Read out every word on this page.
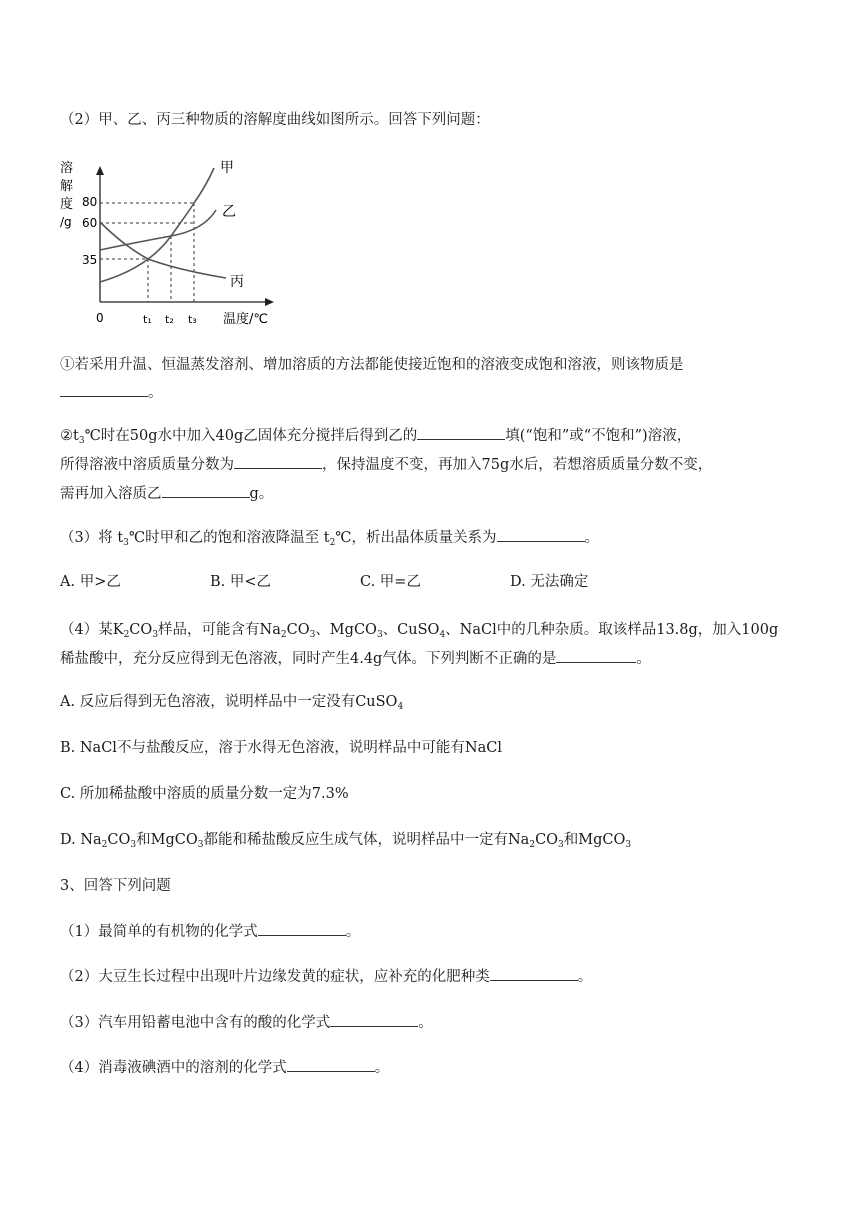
（2）甲、乙、丙三种物质的溶解度曲线如图所示。回答下列问题：
溶
解
度
/g
80
60
35
0	t₁ t₂ t₃ 温度/℃
甲
乙
丙
①若采用升温、恒温蒸发溶剂、增加溶质的方法都能使接近饱和的溶液变成饱和溶液，则该物质是
。
$②t_3℃$时在50g水中加入40g乙固体充分搅拌后得到乙的	填(“饱和”或“不饱和”)溶液，
所得溶液中溶质质量分数为	，保持温度不变，再加入75g水后，若想溶质质量分数不变，
需再加入溶质乙	g。
（3）将 $t_3℃$时甲和乙的饱和溶液降温至 $t_2℃$，析出晶体质量关系为	。
A. 甲>乙	B. 甲<乙	C. 甲=乙	D. 无法确定
（4）某$K_2CO_3$样品，可能含有$Na_2CO_3$、MgCO$_3$、CuSO$_4$、NaCl中的几种杂质。取该样品13.8g，加入100g
稀盐酸中，充分反应得到无色溶液，同时产生4.4g气体。下列判断不正确的是	。
A. 反应后得到无色溶液，说明样品中一定没有CuSO$_4$
B. NaCl不与盐酸反应，溶于水得无色溶液，说明样品中可能有NaCl
C. 所加稀盐酸中溶质的质量分数一定为7.3%
D. $Na_2CO_3$和MgCO$_3$都能和稀盐酸反应生成气体，说明样品中一定有$Na_2CO_3$和MgCO$_3$
3、回答下列问题
（1）最简单的有机物的化学式	。
（2）大豆生长过程中出现叶片边缘发黄的症状，应补充的化肥种类	。
（3）汽车用铅蓄电池中含有的酸的化学式	。
（4）消毒液碘酒中的溶剂的化学式	。
